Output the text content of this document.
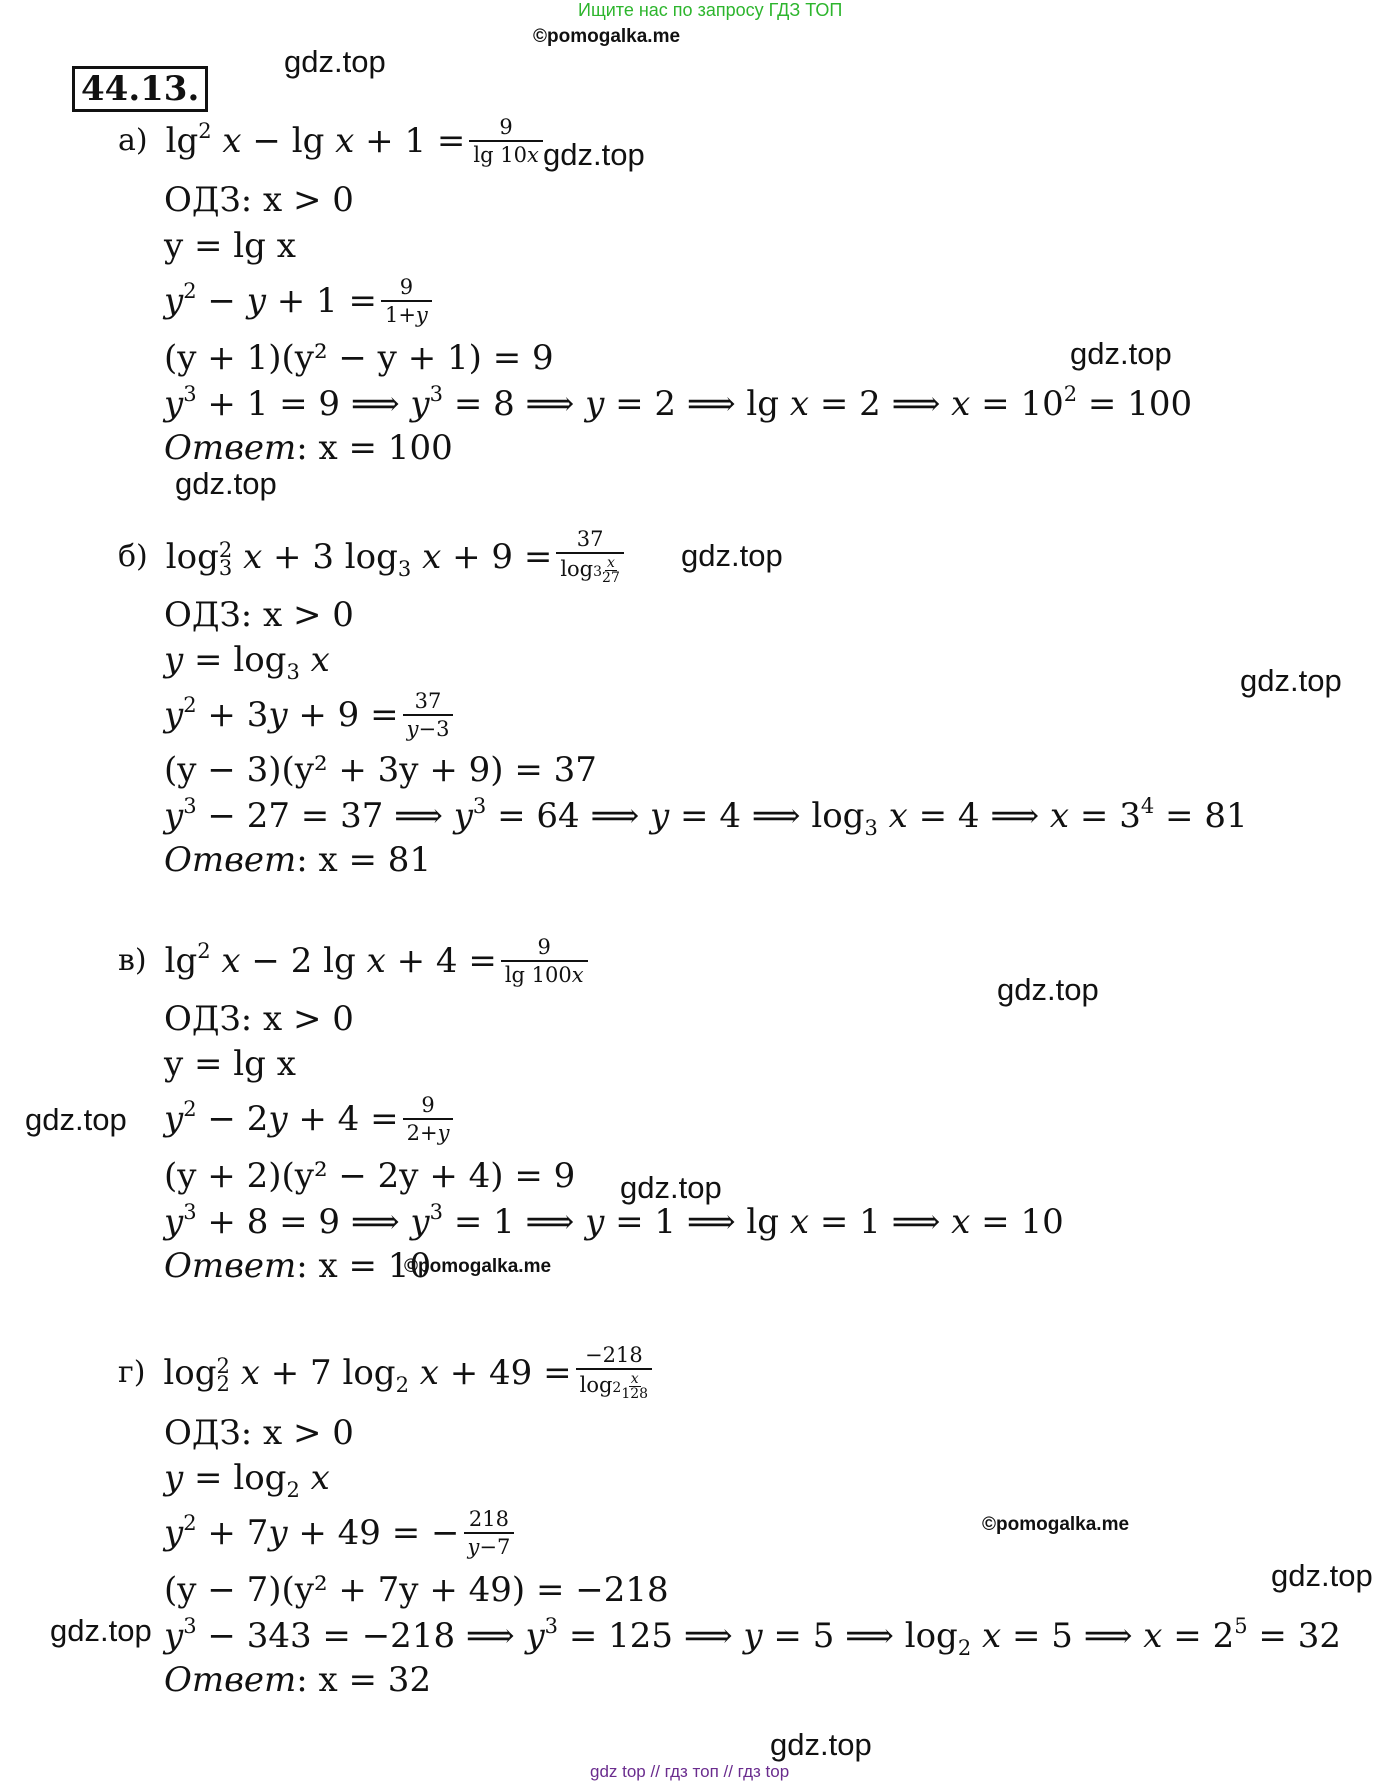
Ищите нас по запросу ГДЗ ТОП
©pomogalka.me
44.13.
gdz.top
gdz.top
gdz.top
gdz.top
gdz.top
gdz.top
gdz.top
gdz.top
gdz.top
gdz.top
gdz.top
gdz.top
©pomogalka.me
©pomogalka.me
а) $\lg^2 x - \lg x + 1 = \frac{9}{\lg 10x}$
ОДЗ: x > 0
y = lg x
$y^2 - y + 1 = \frac{9}{1+y}$
(y + 1)(y² − y + 1) = 9
$y^3 + 1 = 9$ ⟹ $y^3 = 8$ ⟹ y = 2 ⟹ lg x = 2 ⟹ $x = 10^2 = 100$
Ответ : x = 100
б) log 2
3 x + 3 $\log_3 x + 9 = \frac{37}{\log 3 \frac{x}{27}}$
ОДЗ: x > 0
$y = \log_3 x$
$y^2 + 3y + 9 = \frac{37}{y-3}$
(y − 3)(y² + 3y + 9) = 37
$y^3 - 27 = 37$ ⟹ $y^3 = 64$ ⟹ y = 4 ⟹ $\log_3 x = 4$ ⟹ $x = 3^4 = 81$
Ответ : x = 81
в) $\lg^2 x - 2$ $\lg x + 4 = \frac{9}{\lg 100x}$
ОДЗ: x > 0
y = lg x
$y^2 - 2y + 4 = \frac{9}{2+y}$
(y + 2)(y² − 2y + 4) = 9
$y^3 + 8 = 9$ ⟹ $y^3 = 1$ ⟹ y = 1 ⟹ lg x = 1 ⟹ x = 10
Ответ : x = 10
г) log 2
2 x + 7 $\log_2 x + 49 = \frac{-218}{\log 2 \frac{x}{128}}$
ОДЗ: x > 0
$y = \log_2 x$
$y^2 + 7y + 49$ = − $\frac{218}{y-7}$
(y − 7)(y² + 7y + 49) = −218
$y^3 - 343 = -218$ ⟹ $y^3 = 125$ ⟹ y = 5 ⟹ $\log_2 x = 5$ ⟹ $x = 2^5 = 32$
Ответ : x = 32
gdz top // гдз топ // гдз top
